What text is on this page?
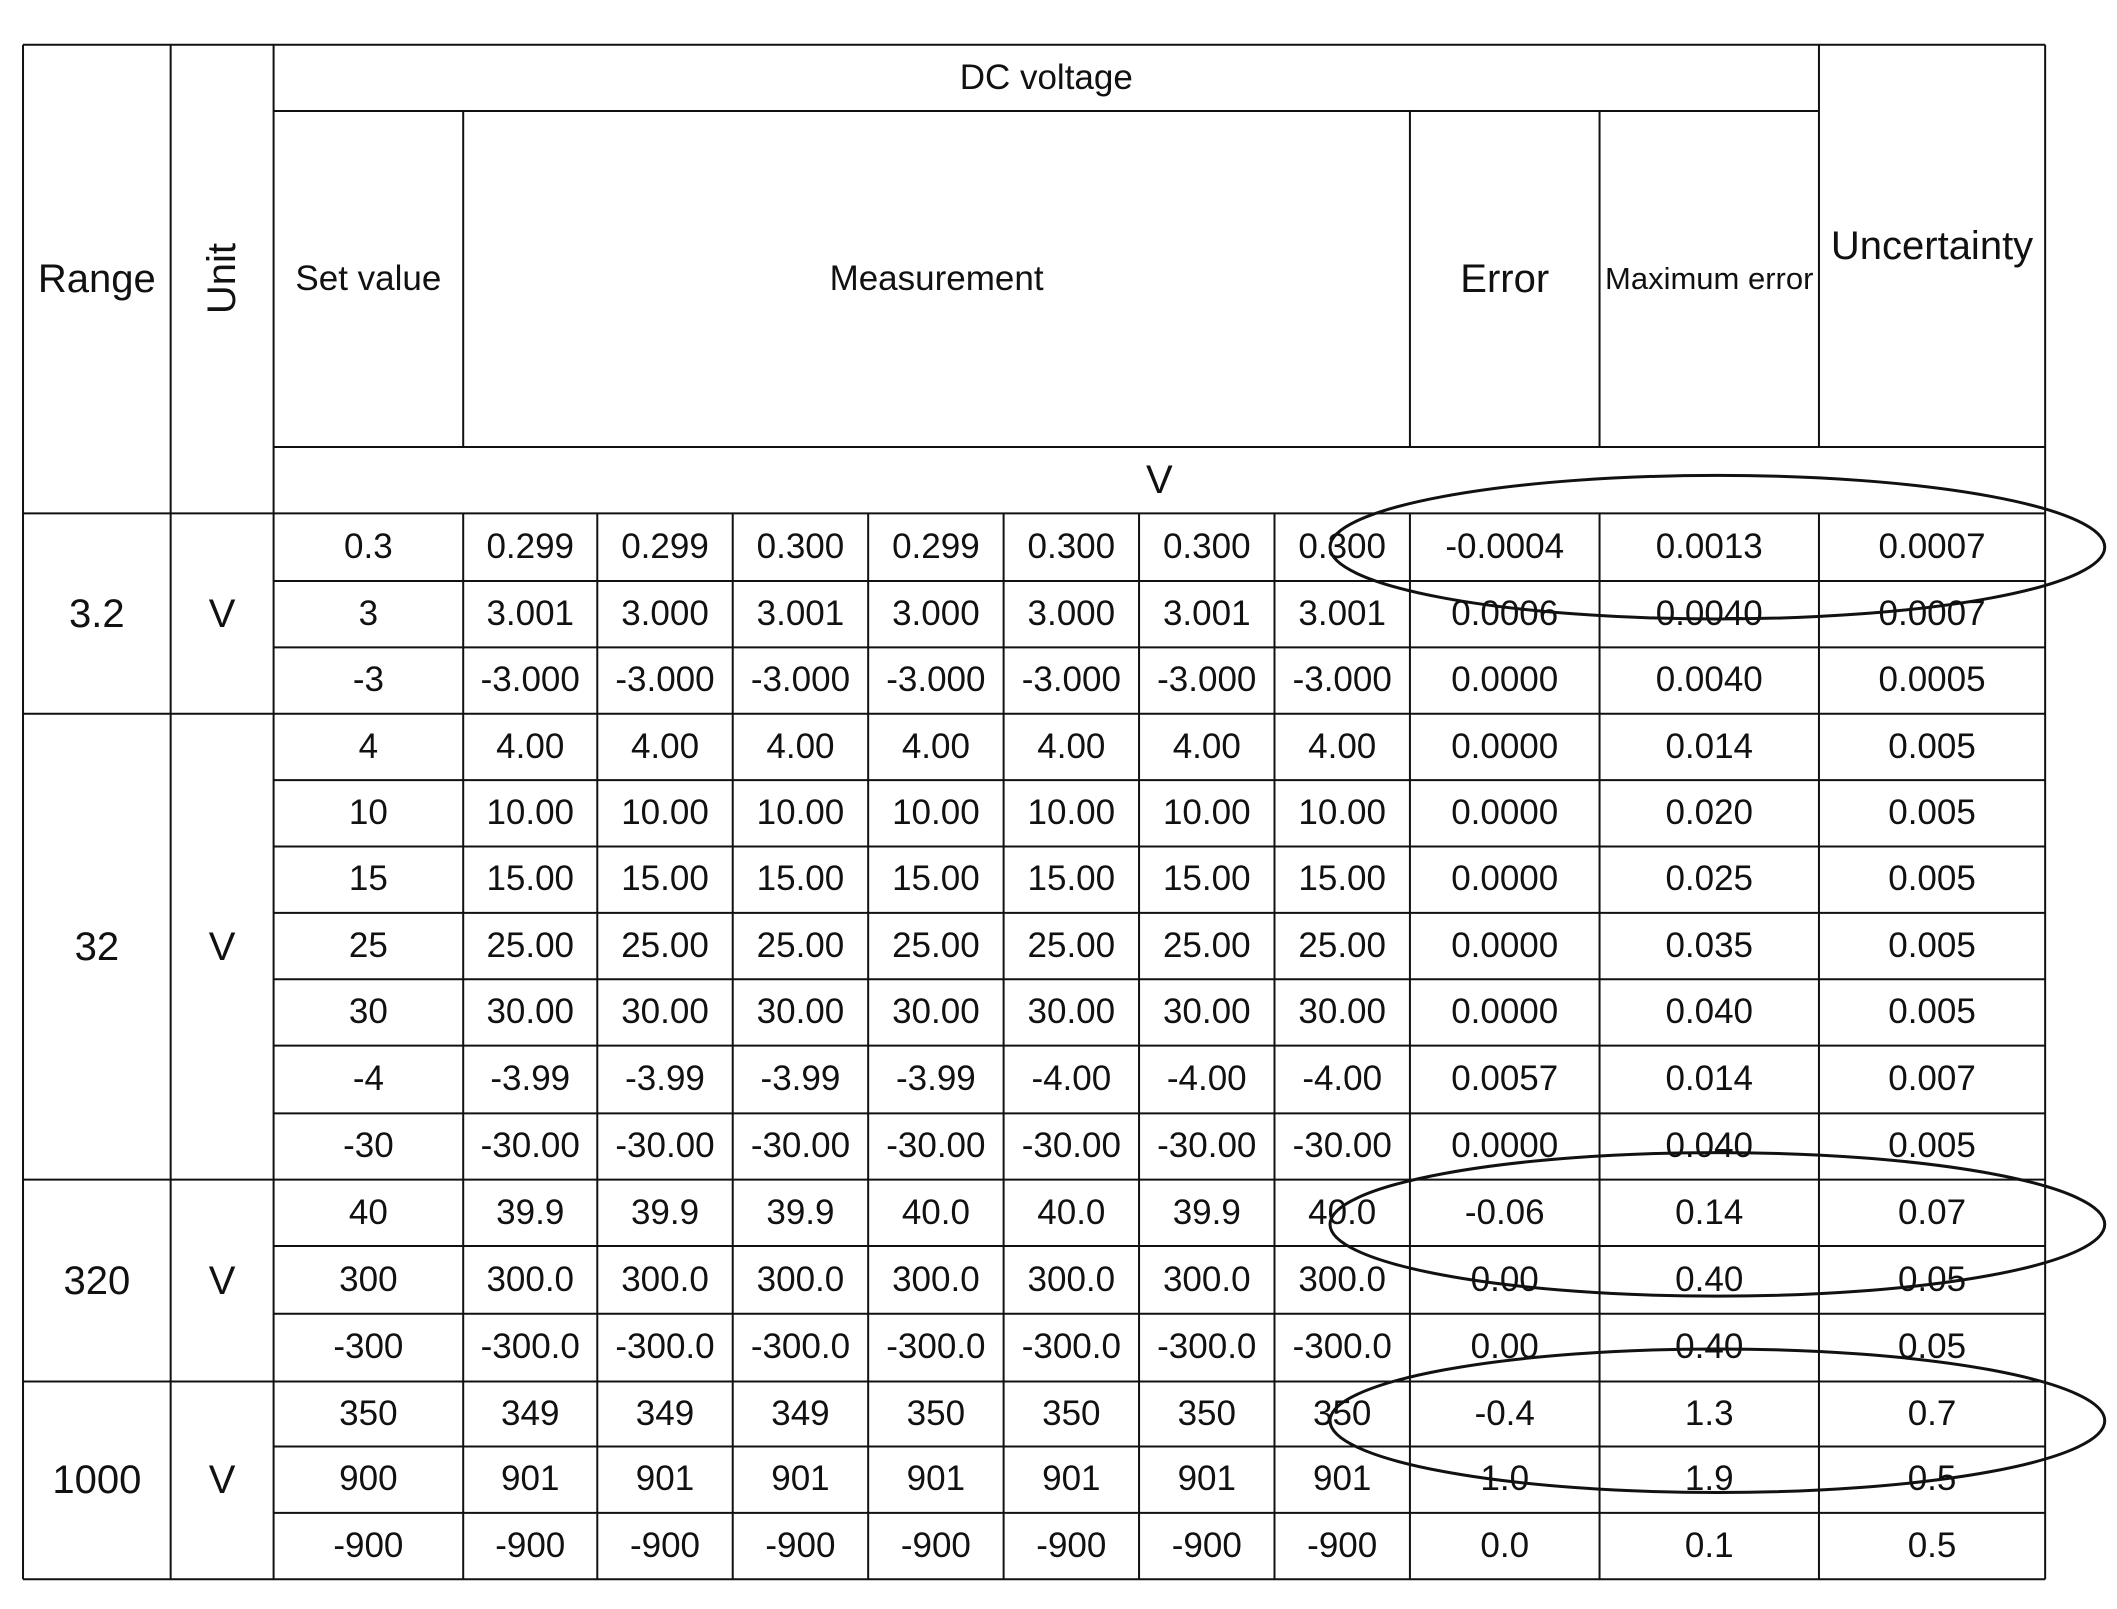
Range	Unit
DC voltage
Set value	Measurement	Error	Maximum error
Uncertainty
V
3.2	V
0.3	0.299	0.299	0.300	0.299	0.300	0.300	0.300	-0.0004	0.0013	0.0007
3	3.001	3.000	3.001	3.000	3.000	3.001	3.001	0.0006	0.0040	0.0007
-3	-3.000	-3.000	-3.000	-3.000	-3.000	-3.000	-3.000	0.0000	0.0040	0.0005
32	V
4	4.00	4.00	4.00	4.00	4.00	4.00	4.00	0.0000	0.014	0.005
10	10.00	10.00	10.00	10.00	10.00	10.00	10.00	0.0000	0.020	0.005
15	15.00	15.00	15.00	15.00	15.00	15.00	15.00	0.0000	0.025	0.005
25	25.00	25.00	25.00	25.00	25.00	25.00	25.00	0.0000	0.035	0.005
30	30.00	30.00	30.00	30.00	30.00	30.00	30.00	0.0000	0.040	0.005
-4	-3.99	-3.99	-3.99	-3.99	-4.00	-4.00	-4.00	0.0057	0.014	0.007
-30	-30.00	-30.00	-30.00	-30.00	-30.00	-30.00	-30.00	0.0000	0.040	0.005
320	V
40	39.9	39.9	39.9	40.0	40.0	39.9	40.0	-0.06	0.14	0.07
300	300.0	300.0	300.0	300.0	300.0	300.0	300.0	0.00	0.40	0.05
-300	-300.0	-300.0	-300.0	-300.0	-300.0	-300.0	-300.0	0.00	0.40	0.05
1000	V
350	349	349	349	350	350	350	350	-0.4	1.3	0.7
900	901	901	901	901	901	901	901	1.0	1.9	0.5
-900	-900	-900	-900	-900	-900	-900	-900	0.0	0.1	0.5
